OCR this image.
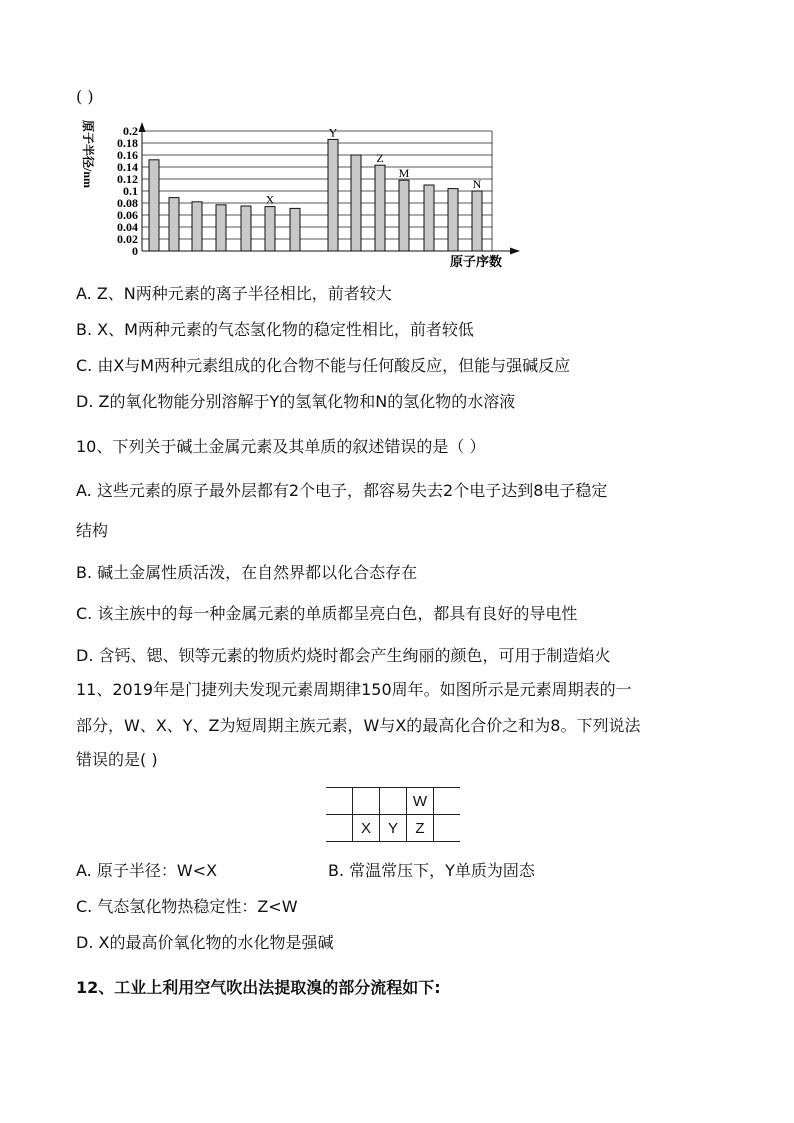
( )
0
0.02
0.04
0.06
0.08
0.1
0.12
0.14
0.16
0.18
0.2
X
Y
Z
M
N
原子序数
原子半径/nm
A. Z、N两种元素的离子半径相比，前者较大
B. X、M两种元素的气态氢化物的稳定性相比，前者较低
C. 由X与M两种元素组成的化合物不能与任何酸反应，但能与强碱反应
D. Z的氧化物能分别溶解于Y的氢氧化物和N的氢化物的水溶液
10、下列关于碱土金属元素及其单质的叙述错误的是（ ）
A. 这些元素的原子最外层都有2个电子，都容易失去2个电子达到8电子稳定
结构
B. 碱土金属性质活泼，在自然界都以化合态存在
C. 该主族中的每一种金属元素的单质都呈亮白色，都具有良好的导电性
D. 含钙、锶、钡等元素的物质灼烧时都会产生绚丽的颜色，可用于制造焰火
11、2019年是门捷列夫发现元素周期律150周年。如图所示是元素周期表的一
部分，W、X、Y、Z为短周期主族元素，W与X的最高化合价之和为8。下列说法
错误的是( )
			W	
	X	Y	Z	
A. 原子半径：W<X	B. 常温常压下，Y单质为固态
C. 气态氢化物热稳定性：Z<W
D. X的最高价氧化物的水化物是强碱
12、工业上利用空气吹出法提取溴的部分流程如下:
